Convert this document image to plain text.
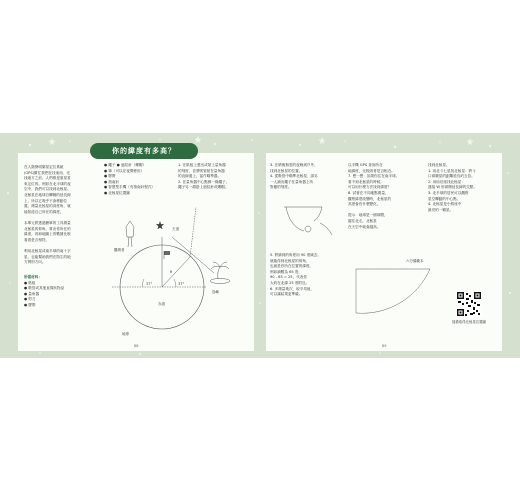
你的緯度有多高？
在人類發明衛星定位系統
(GPS)幫忙我們在找東西、光
找地方之前，人們都是靠星星
來定位的。例如在北半球的夜
空中，我們可以找到北極星。
北極星在地球自轉軸的延長線
上，所以它幾乎不會移動位
置。測量北極星的高度角，就
能知道自己所在的緯度。

本單元將透過簡單的工具測量
北極星的仰角，算出你所在的
緯度，再和地圖上的數據比較
看看是否相符。

利用北極星或南半球的南十字
星，也能幫助我們在陌生的地
方辨別方向。
所需材料：
● 紙板
● 吸管或其他直筒狀物品
● 量角器
● 剪刀
● 膠帶
● 繩子 ● 迴紋針（螺帽）
● 筆（可以在夜間使用）
● 膠帶
● 指南針
● 智慧型手機（有指南針程式）
● 北極星位置圖
1. 在紙板上畫出或貼上量角器
的刻度，並將吸管黏在量角器
的直線邊上，當作瞄準器。
2. 在量角器中心點綁一條繩子，
繩子另一端掛上迴紋針或螺帽。
天頂
觀測者
赤道
37°	37°
θ
地球
島嶼
88
3. 在晴朗無雲的夜晚到戶外，
找到北極星的位置。
4. 從吸管中瞄準北極星，請另
一人讀出繩子在量角器上所
對應的刻度。
5. 將讀到的角度用 90 度減去，
就能得到北極星的仰角，
也就是你所在位置的緯度。
例如讀數為 65 度，
90 - 65 = 25，代表你
大約在北緯 25 度附近。
6. 多測量幾次，取平均值，
可以讓結果更準確。
以手機 GPS 查詢所在
地緯度，比較兩者是否相近。
7. 想一想：如果你住在南半球，
看不到北極星的時候，
可以用什麼方法找到緯度？
8. 試著在不同地點測量，
觀察緯度改變時，北極星的
高度會有什麼變化。

提示：地球是一個球體，
越往北走，北極星
在天空中就會越高。
六分儀範本
找到北極星。
1. 用北斗七星找北極星：將斗
口兩顆星的距離延長約五倍。
2. 用仙后座找北極星：
連接 W 形兩側延長線的交點。
3. 北半球的居民可以觀察
星空轉動的中心點。
4. 北極星是小熊座中
最亮的一顆星。
掃描取得北極星位置圖
89
